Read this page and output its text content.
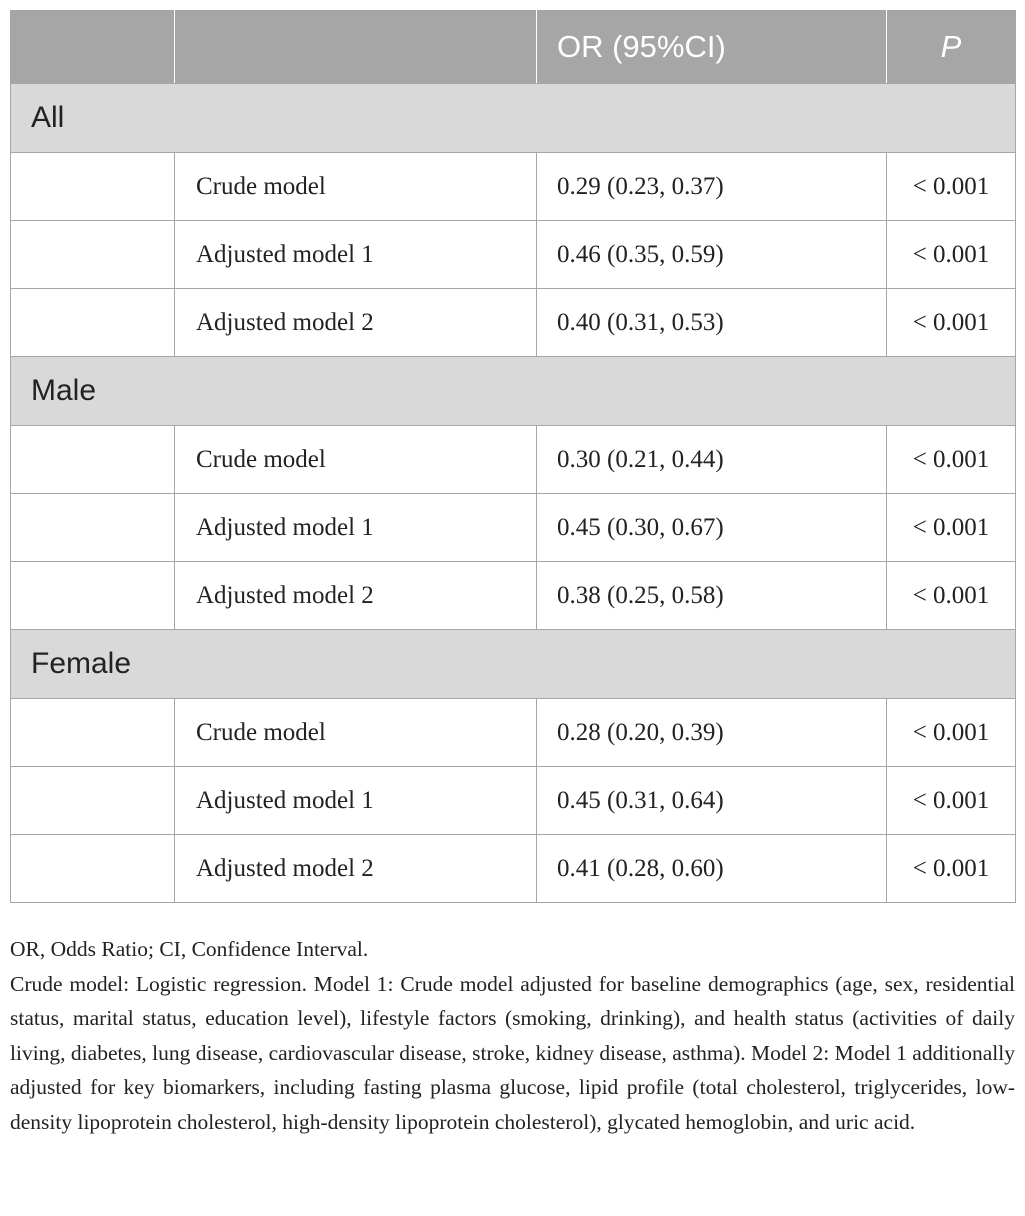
		OR (95%CI)	P
All			
	Crude model	0.29 (0.23, 0.37)	< 0.001
	Adjusted model 1	0.46 (0.35, 0.59)	< 0.001
	Adjusted model 2	0.40 (0.31, 0.53)	< 0.001
Male			
	Crude model	0.30 (0.21, 0.44)	< 0.001
	Adjusted model 1	0.45 (0.30, 0.67)	< 0.001
	Adjusted model 2	0.38 (0.25, 0.58)	< 0.001
Female			
	Crude model	0.28 (0.20, 0.39)	< 0.001
	Adjusted model 1	0.45 (0.31, 0.64)	< 0.001
	Adjusted model 2	0.41 (0.28, 0.60)	< 0.001

OR, Odds Ratio; CI, Confidence Interval.

Crude model: Logistic regression. Model 1: Crude model adjusted for baseline demographics (age, sex, residential status, marital status, education level), lifestyle factors (smoking, drinking), and health status (activities of daily living, diabetes, lung disease, cardiovascular disease, stroke, kidney disease, asthma). Model 2: Model 1 additionally adjusted for key biomarkers, including fasting plasma glucose, lipid profile (total cholesterol, triglycerides, low-density lipoprotein cholesterol, high-density lipoprotein cholesterol), glycated hemoglobin, and uric acid.
